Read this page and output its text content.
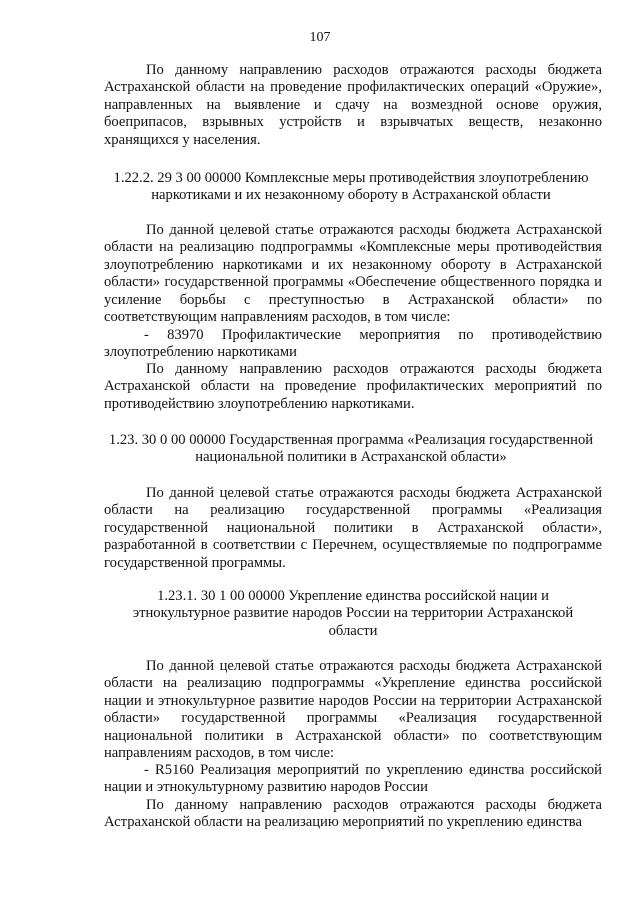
107

По данному направлению расходов отражаются расходы бюджета Астраханской области на проведение профилактических операций «Оружие», направленных на выявление и сдачу на возмездной основе оружия, боеприпасов, взрывных устройств и взрывчатых веществ, незаконно хранящихся у населения.

1.22.2. 29 3 00 00000 Комплексные меры противодействия злоупотреблению наркотиками и их незаконному обороту в Астраханской области

По данной целевой статье отражаются расходы бюджета Астраханской области на реализацию подпрограммы «Комплексные меры противодействия злоупотреблению наркотиками и их незаконному обороту в Астраханской области» государственной программы «Обеспечение общественного порядка и усиление борьбы с преступностью в Астраханской области» по соответствующим направлениям расходов, в том числе:

- 83970 Профилактические мероприятия по противодействию злоупотреблению наркотиками

По данному направлению расходов отражаются расходы бюджета Астраханской области на проведение профилактических мероприятий по противодействию злоупотреблению наркотиками.

1.23. 30 0 00 00000 Государственная программа «Реализация государственной национальной политики в Астраханской области»

По данной целевой статье отражаются расходы бюджета Астраханской области на реализацию государственной программы «Реализация государственной национальной политики в Астраханской области», разработанной в соответствии с Перечнем, осуществляемые по подпрограмме государственной программы.

1.23.1. 30 1 00 00000 Укрепление единства российской нации и этнокультурное развитие народов России на территории Астраханской области

По данной целевой статье отражаются расходы бюджета Астраханской области на реализацию подпрограммы «Укрепление единства российской нации и этнокультурное развитие народов России на территории Астраханской области» государственной программы «Реализация государственной национальной политики в Астраханской области» по соответствующим направлениям расходов, в том числе:

- R5160 Реализация мероприятий по укреплению единства российской нации и этнокультурному развитию народов России

По данному направлению расходов отражаются расходы бюджета Астраханской области на реализацию мероприятий по укреплению единства
